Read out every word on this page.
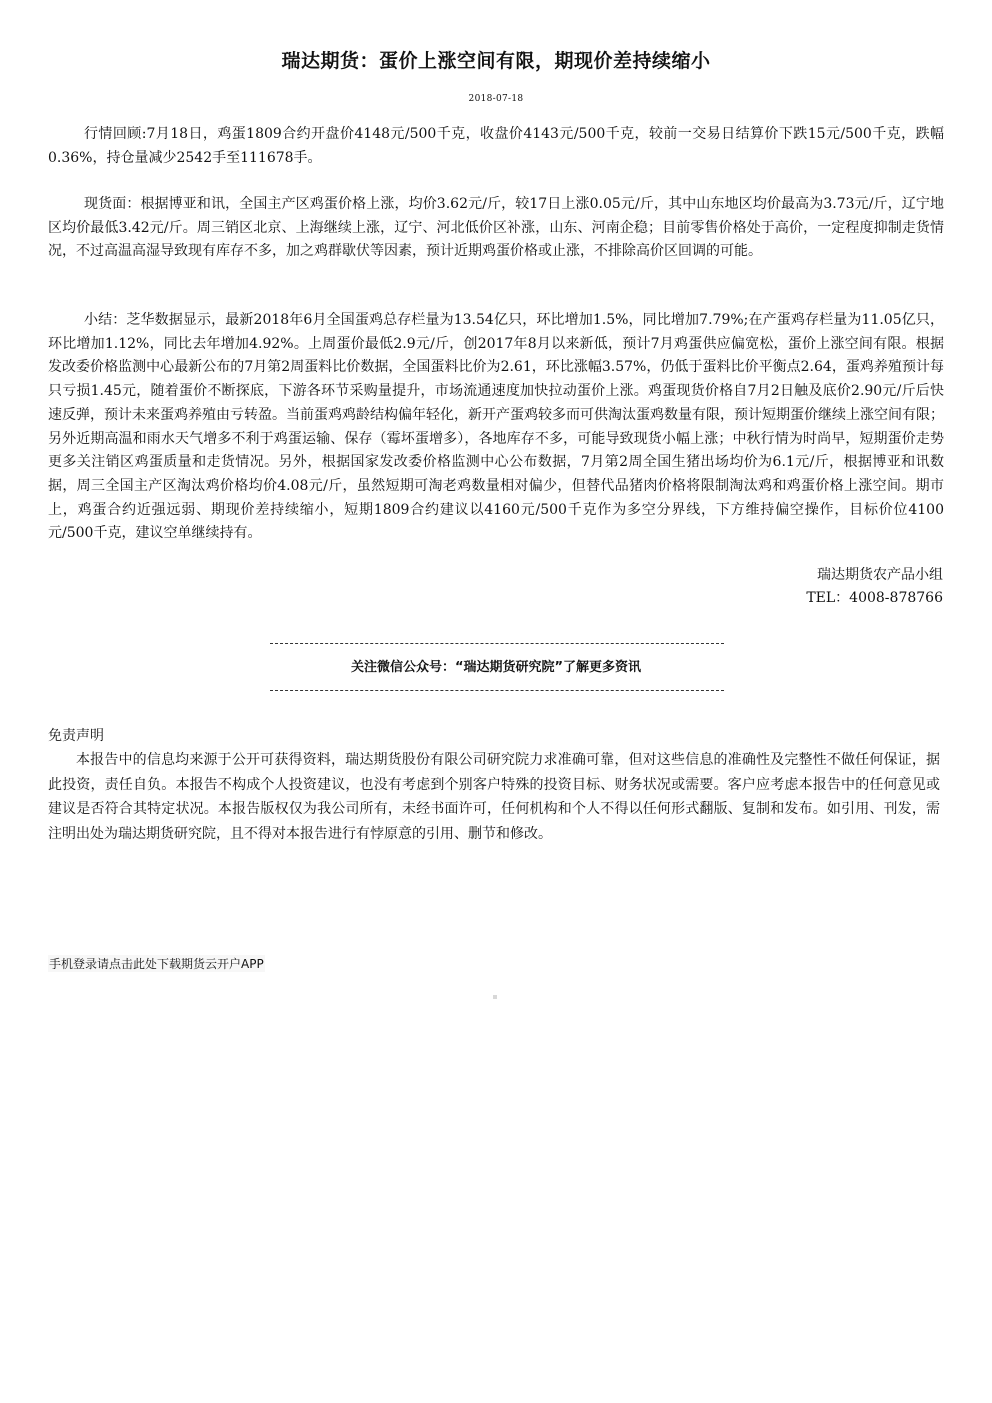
瑞达期货：蛋价上涨空间有限，期现价差持续缩小
2018-07-18

行情回顾:7月18日，鸡蛋1809合约开盘价4148元/500千克，收盘价4143元/500千克，较前一交易日结算价下跌15元/500千克，跌幅0.36%，持仓量减少2542手至111678手。

现货面：根据博亚和讯，全国主产区鸡蛋价格上涨，均价3.62元/斤，较17日上涨0.05元/斤，其中山东地区均价最高为3.73元/斤，辽宁地区均价最低3.42元/斤。周三销区北京、上海继续上涨，辽宁、河北低价区补涨，山东、河南企稳；目前零售价格处于高价，一定程度抑制走货情况，不过高温高湿导致现有库存不多，加之鸡群歇伏等因素，预计近期鸡蛋价格或止涨，不排除高价区回调的可能。

小结：芝华数据显示，最新2018年6月全国蛋鸡总存栏量为13.54亿只，环比增加1.5%，同比增加7.79%;在产蛋鸡存栏量为11.05亿只，环比增加1.12%，同比去年增加4.92%。上周蛋价最低2.9元/斤，创2017年8月以来新低，预计7月鸡蛋供应偏宽松，蛋价上涨空间有限。根据发改委价格监测中心最新公布的7月第2周蛋料比价数据，全国蛋料比价为2.61，环比涨幅3.57%，仍低于蛋料比价平衡点2.64，蛋鸡养殖预计每只亏损1.45元，随着蛋价不断探底，下游各环节采购量提升，市场流通速度加快拉动蛋价上涨。鸡蛋现货价格自7月2日触及底价2.90元/斤后快速反弹，预计未来蛋鸡养殖由亏转盈。当前蛋鸡鸡龄结构偏年轻化，新开产蛋鸡较多而可供淘汰蛋鸡数量有限，预计短期蛋价继续上涨空间有限；另外近期高温和雨水天气增多不利于鸡蛋运输、保存（霉坏蛋增多），各地库存不多，可能导致现货小幅上涨；中秋行情为时尚早，短期蛋价走势更多关注销区鸡蛋质量和走货情况。另外，根据国家发改委价格监测中心公布数据，7月第2周全国生猪出场均价为6.1元/斤，根据博亚和讯数据，周三全国主产区淘汰鸡价格均价4.08元/斤，虽然短期可淘老鸡数量相对偏少，但替代品猪肉价格将限制淘汰鸡和鸡蛋价格上涨空间。期市上，鸡蛋合约近强远弱、期现价差持续缩小，短期1809合约建议以4160元/500千克作为多空分界线，下方维持偏空操作，目标价位4100元/500千克，建议空单继续持有。

瑞达期货农产品小组
TEL：4008-878766
关注微信公众号：“瑞达期货研究院”了解更多资讯
免责声明

本报告中的信息均来源于公开可获得资料，瑞达期货股份有限公司研究院力求准确可靠，但对这些信息的准确性及完整性不做任何保证，据此投资，责任自负。本报告不构成个人投资建议，也没有考虑到个别客户特殊的投资目标、财务状况或需要。客户应考虑本报告中的任何意见或建议是否符合其特定状况。本报告版权仅为我公司所有，未经书面许可，任何机构和个人不得以任何形式翻版、复制和发布。如引用、刊发，需注明出处为瑞达期货研究院，且不得对本报告进行有悖原意的引用、删节和修改。

手机登录请点击此处下载期货云开户APP
